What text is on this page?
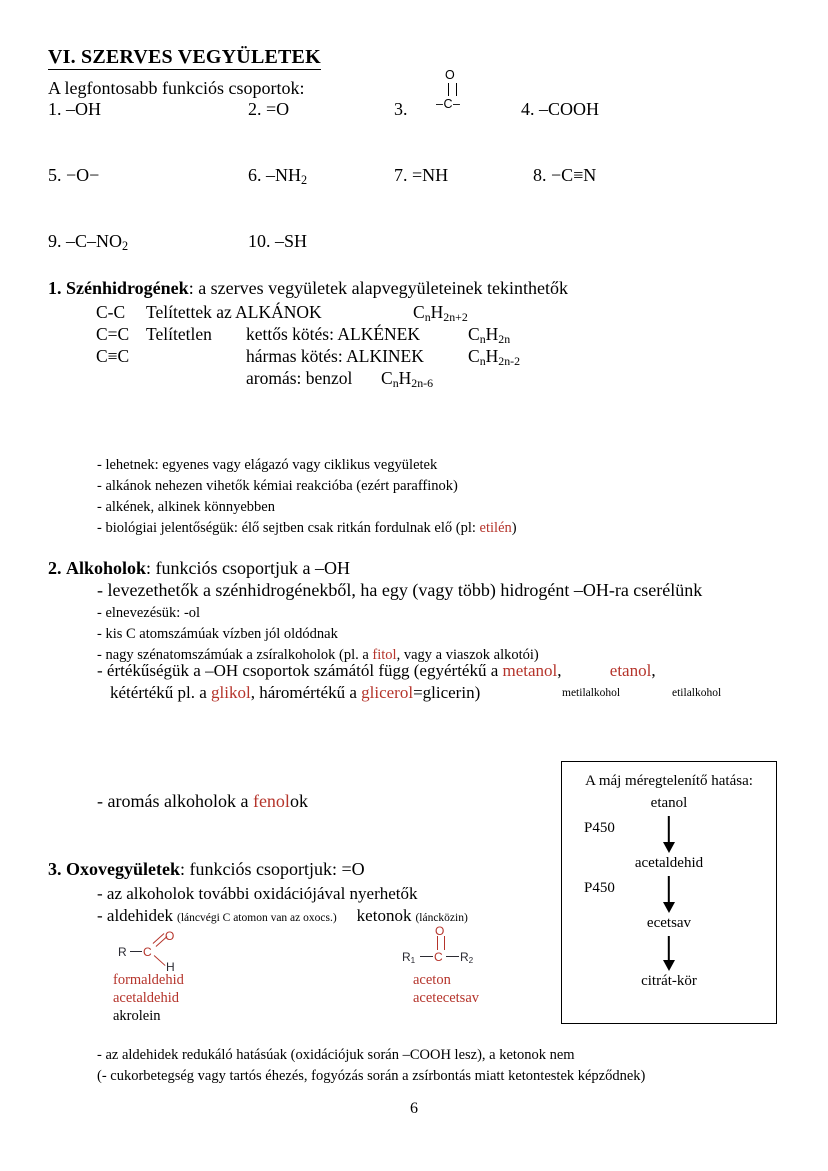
VI. SZERVES VEGYÜLETEK
A legfontosabb funkciós csoportok:
1. –OH	2. =O	3.
O
–C–	4. –COOH
5. −O−	6. $-NH_2$	7. =NH	8. −C≡N
9. $-C-NO_2$	10. –SH
1. Szénhidrogének: a szerves vegyületek alapvegyületeinek tekinthetők
C-C Telítettek az ALKÁNOK	$C_nH_{2n+2}$
C=C Telítetlen kettős kötés: ALKÉNEK	$C_nH_{2n}$
C≡C	hármas kötés: ALKINEK	$C_nH_{2n-2}$
aromás: benzol $C_nH_{2n-6}$
- lehetnek: egyenes vagy elágazó vagy ciklikus vegyületek
- alkánok nehezen vihetők kémiai reakcióba (ezért paraffinok)
- alkének, alkinek könnyebben
- biológiai jelentőségük: élő sejtben csak ritkán fordulnak elő (pl: etilén)
2. Alkoholok: funkciós csoportjuk a –OH
- levezethetők a szénhidrogénekből, ha egy (vagy több) hidrogént –OH-ra cserélünk
- elnevezésük: -ol
- kis C atomszámúak vízben jól oldódnak
- nagy szénatomszámúak a zsíralkoholok (pl. a fitol, vagy a viaszok alkotói)
- értékűségük a –OH csoportok számától függ (egyértékű a metanol,	etanol,
kétértékű pl. a glikol, háromértékű a glicerol=glicerin)	metilalkohol	etilalkohol
- aromás alkoholok a fenolok
A máj méregtelenítő hatása:
etanol
P450
acetaldehid
P450
ecetsav
citrát-kör
3. Oxovegyületek: funkciós csoportjuk: =O
- az alkoholok további oxidációjával nyerhetők
- aldehidek (láncvégi C atomon van az oxocs.) ketonok (láncközin)
R C
O
H
formaldehid
acetaldehid
akrolein
$R_1$ C
O
$R_2$
aceton
acetecetsav
- az aldehidek redukáló hatásúak (oxidációjuk során –COOH lesz), a ketonok nem
(- cukorbetegség vagy tartós éhezés, fogyózás során a zsírbontás miatt ketontestek képződnek)
6
